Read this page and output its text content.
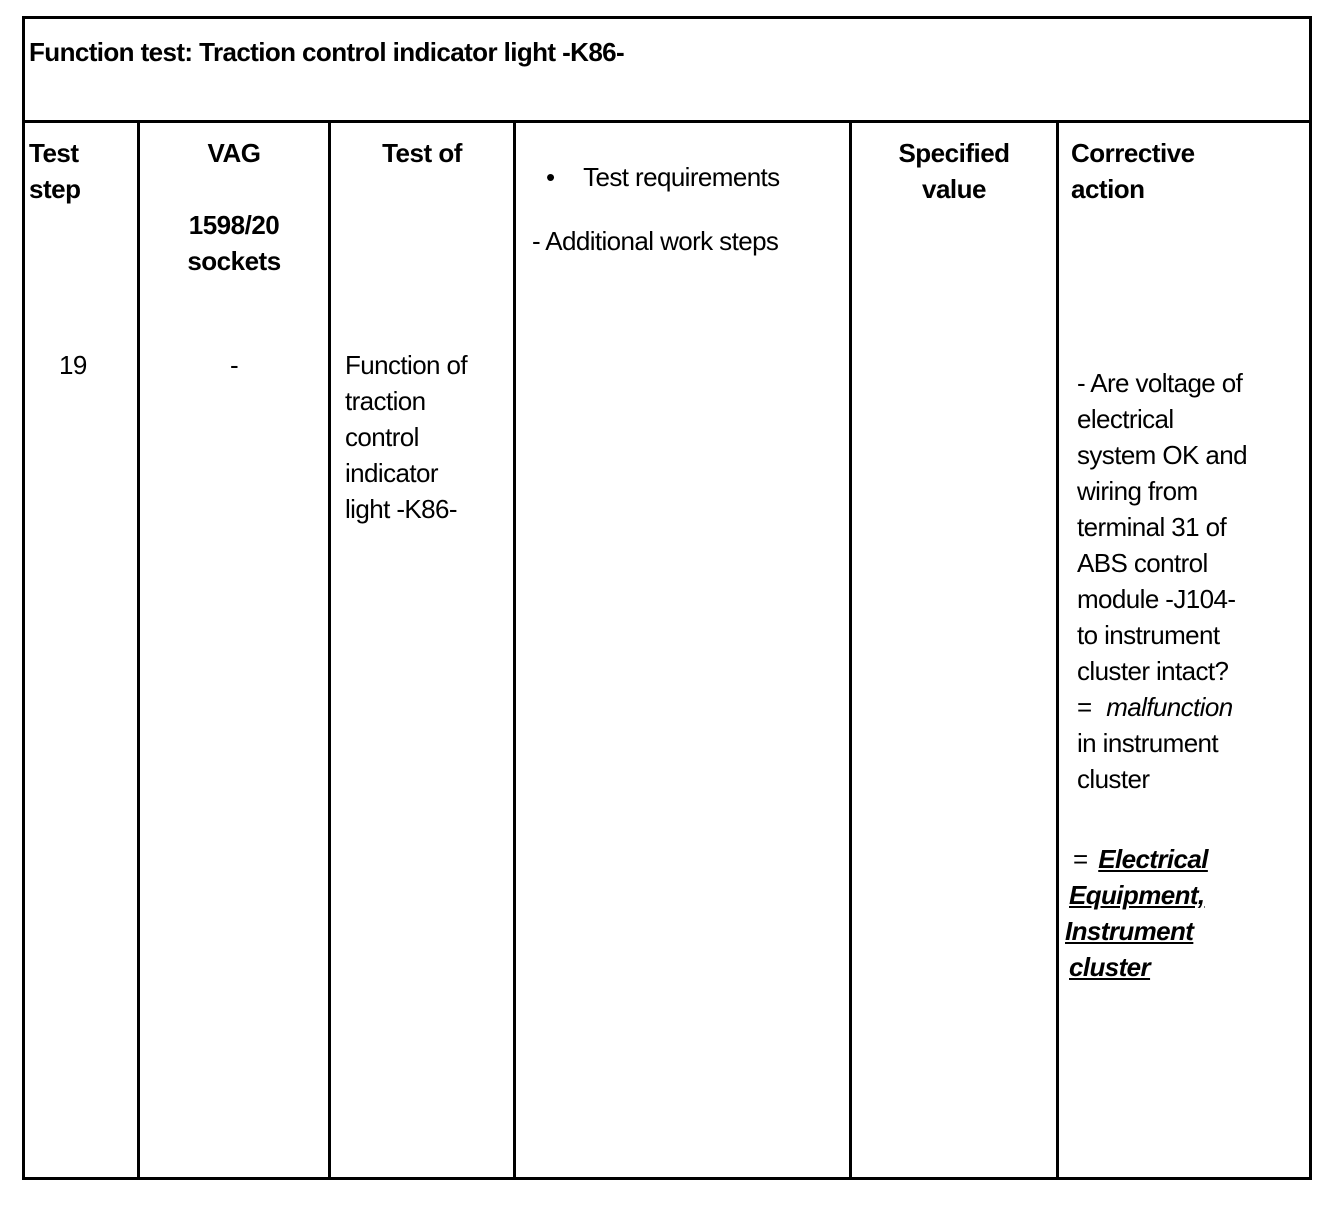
Function test: Traction control indicator light -K86-
Test
step
19
VAG
1598/20
sockets
-
Test of
Function of
traction
control
indicator
light -K86-
• Test requirements
- Additional work steps
Specified
value
Corrective
action
- Are voltage of
electrical
system OK and
wiring from
terminal 31 of
ABS control
module -J104-
to instrument
cluster intact?
= malfunction
in instrument
cluster
= Electrical
Equipment,
Instrument
cluster
